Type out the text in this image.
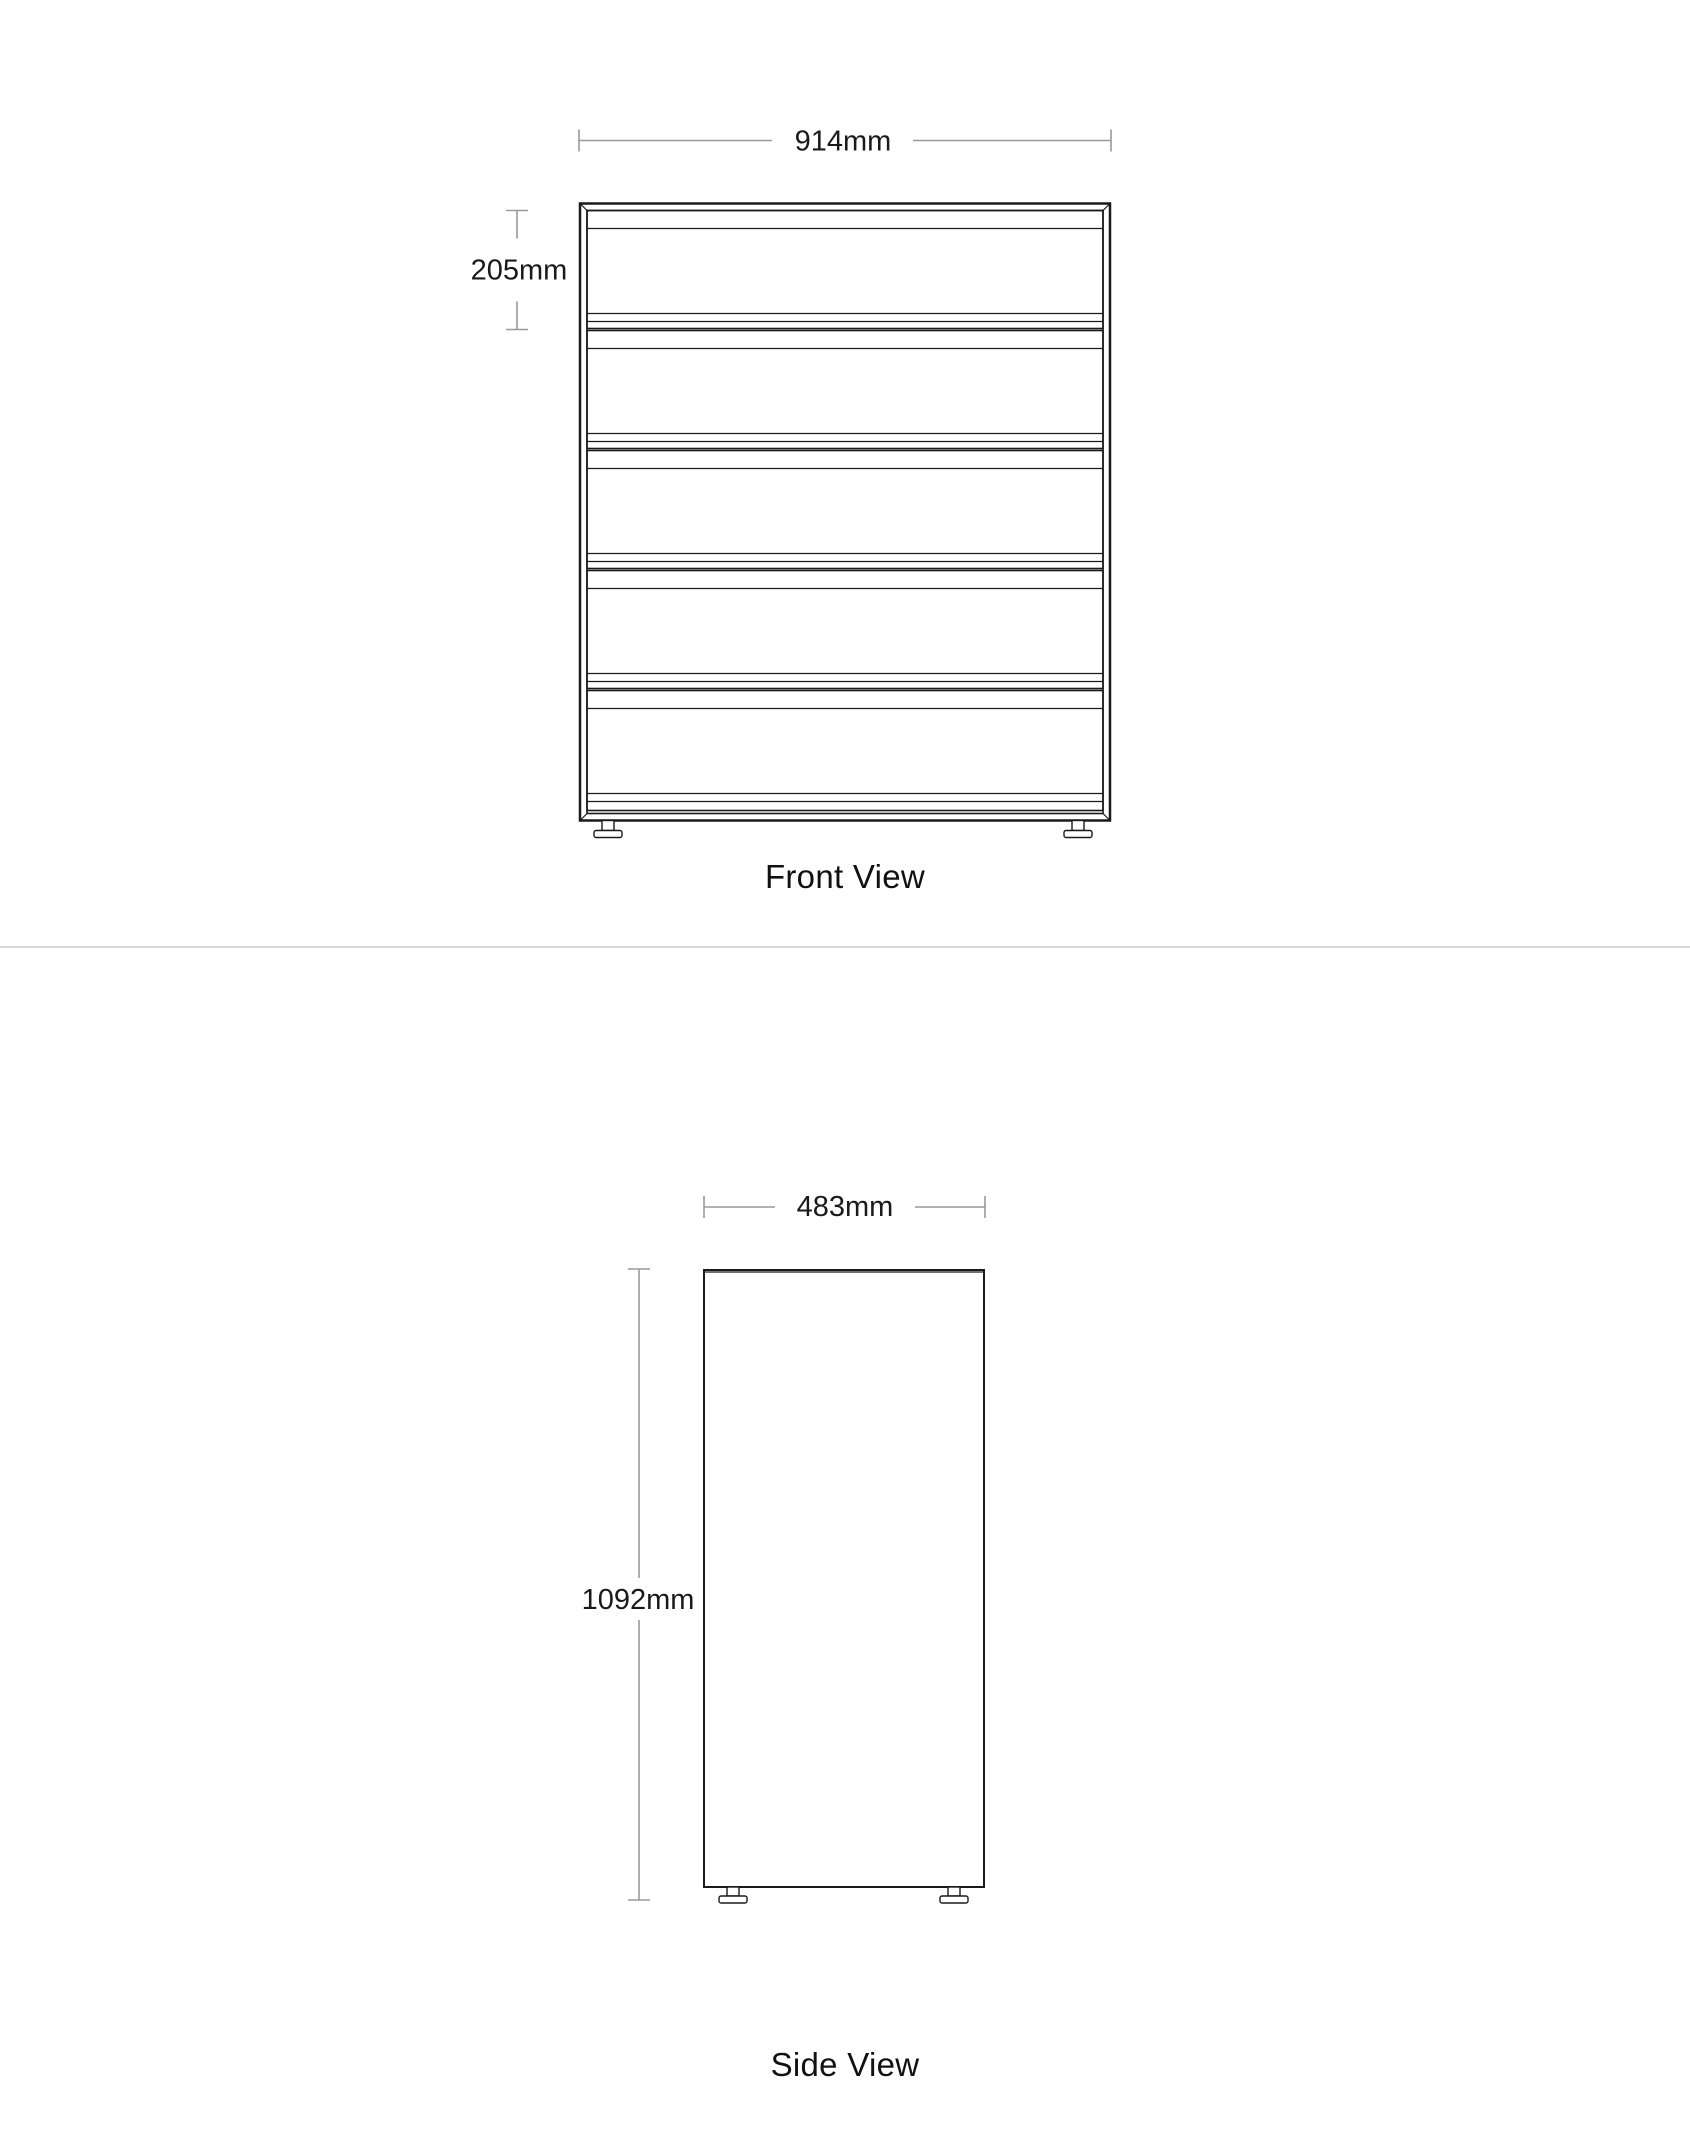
914mm
205mm
Front View
483mm
1092mm
Side View
